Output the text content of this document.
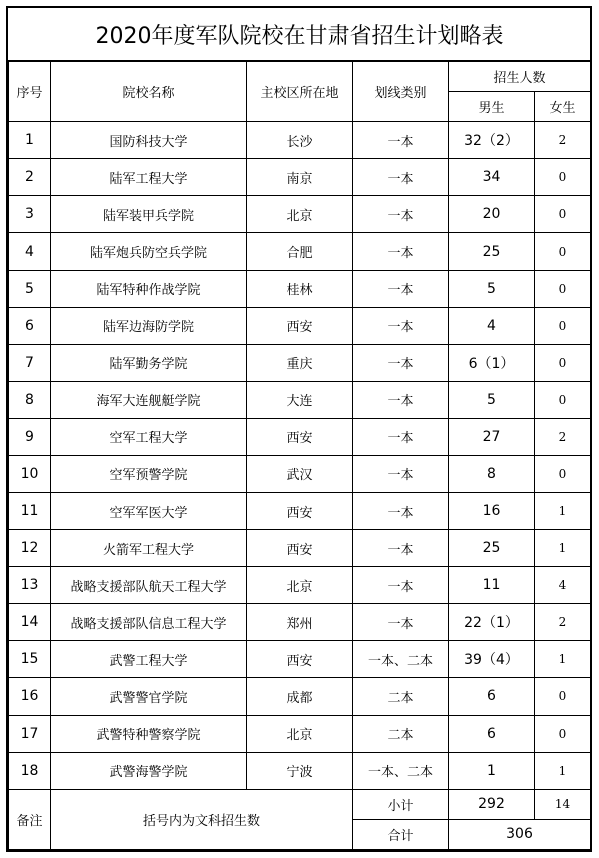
2020年度军队院校在甘肃省招生计划略表					
序号	院校名称	主校区所在地	划线类别	招生人数	
				男生	女生
1	国防科技大学	长沙	一本	32（2）	2
2	陆军工程大学	南京	一本	34	0
3	陆军装甲兵学院	北京	一本	20	0
4	陆军炮兵防空兵学院	合肥	一本	25	0
5	陆军特种作战学院	桂林	一本	5	0
6	陆军边海防学院	西安	一本	4	0
7	陆军勤务学院	重庆	一本	6（1）	0
8	海军大连舰艇学院	大连	一本	5	0
9	空军工程大学	西安	一本	27	2
10	空军预警学院	武汉	一本	8	0
11	空军军医大学	西安	一本	16	1
12	火箭军工程大学	西安	一本	25	1
13	战略支援部队航天工程大学	北京	一本	11	4
14	战略支援部队信息工程大学	郑州	一本	22（1）	2
15	武警工程大学	西安	一本、二本	39（4）	1
16	武警警官学院	成都	二本	6	0
17	武警特种警察学院	北京	二本	6	0
18	武警海警学院	宁波	一本、二本	1	1
备注	括号内为文科招生数		小计	292	14
			合计	306	
